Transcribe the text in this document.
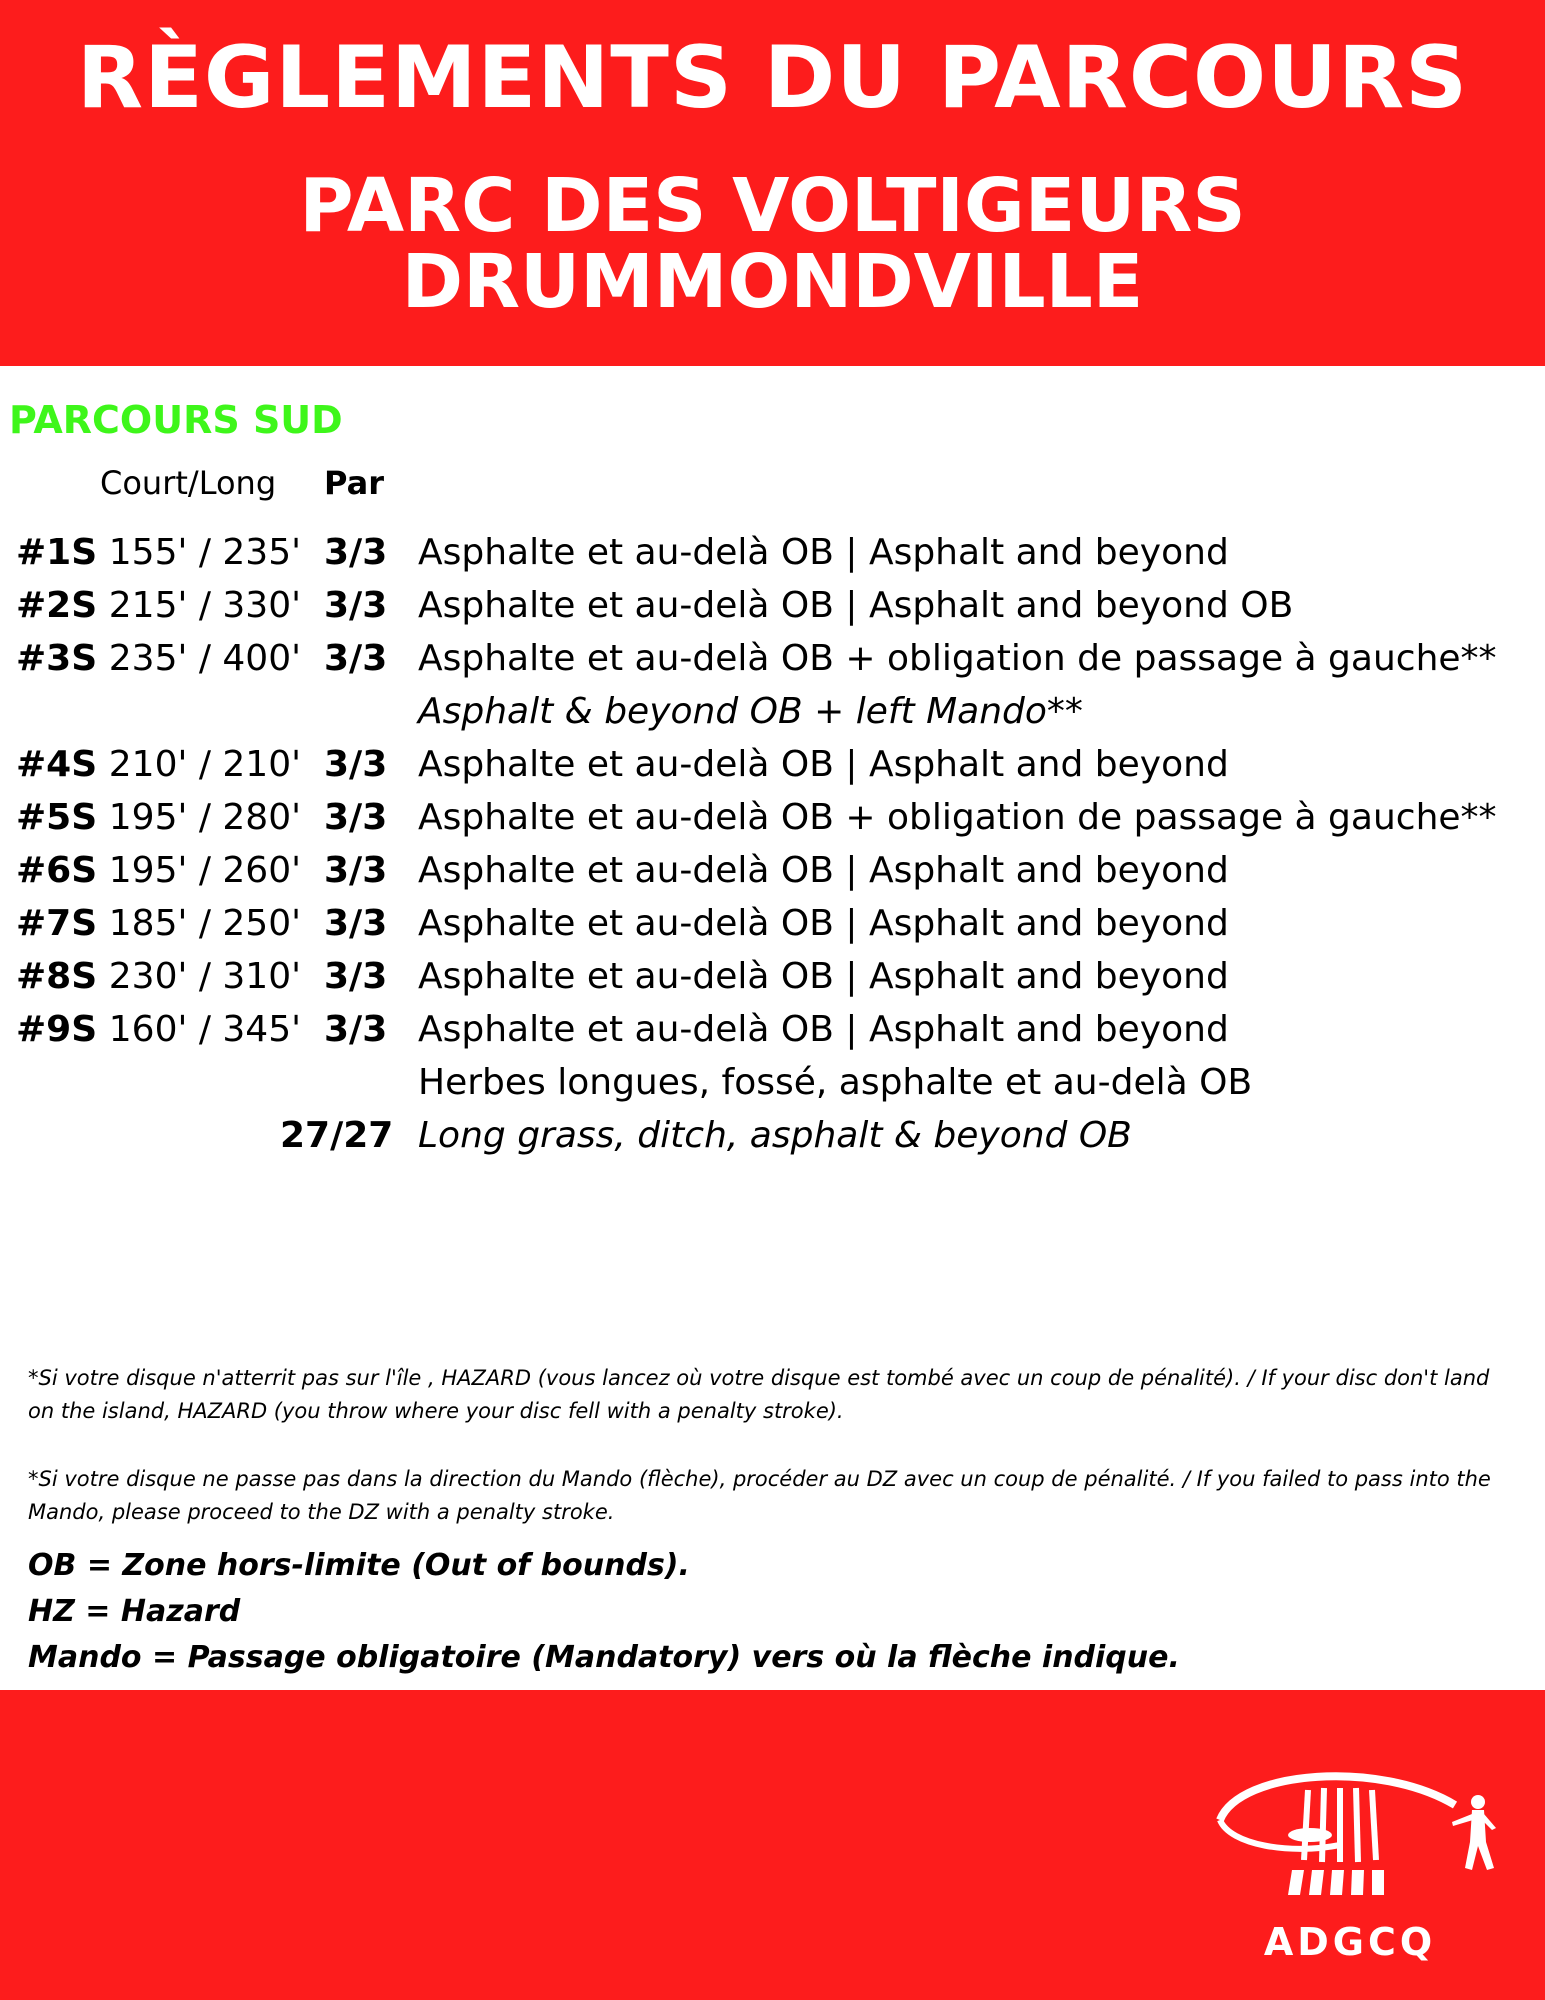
RÈGLEMENTS DU PARCOURS
PARC DES VOLTIGEURS
DRUMMONDVILLE
PARCOURS SUD
Court/Long Par
#1S 155' / 235' 3/3 Asphalte et au-delà OB | Asphalt and beyond
#2S 215' / 330' 3/3 Asphalte et au-delà OB | Asphalt and beyond OB
#3S 235' / 400' 3/3 Asphalte et au-delà OB + obligation de passage à gauche**
Asphalt & beyond OB + left Mando**
#4S 210' / 210' 3/3 Asphalte et au-delà OB | Asphalt and beyond
#5S 195' / 280' 3/3 Asphalte et au-delà OB + obligation de passage à gauche**
#6S 195' / 260' 3/3 Asphalte et au-delà OB | Asphalt and beyond
#7S 185' / 250' 3/3 Asphalte et au-delà OB | Asphalt and beyond
#8S 230' / 310' 3/3 Asphalte et au-delà OB | Asphalt and beyond
#9S 160' / 345' 3/3 Asphalte et au-delà OB | Asphalt and beyond
Herbes longues, fossé, asphalte et au-delà OB
27/27 Long grass, ditch, asphalt & beyond OB
*Si votre disque n'atterrit pas sur l'île , HAZARD (vous lancez où votre disque est tombé avec un coup de pénalité). / If your disc don't land on the island, HAZARD (you throw where your disc fell with a penalty stroke).
*Si votre disque ne passe pas dans la direction du Mando (flèche), procéder au DZ avec un coup de pénalité. / If you failed to pass into the Mando, please proceed to the DZ with a penalty stroke.
OB = Zone hors-limite (Out of bounds).
HZ = Hazard
Mando = Passage obligatoire (Mandatory) vers où la flèche indique.
ADGCQ
